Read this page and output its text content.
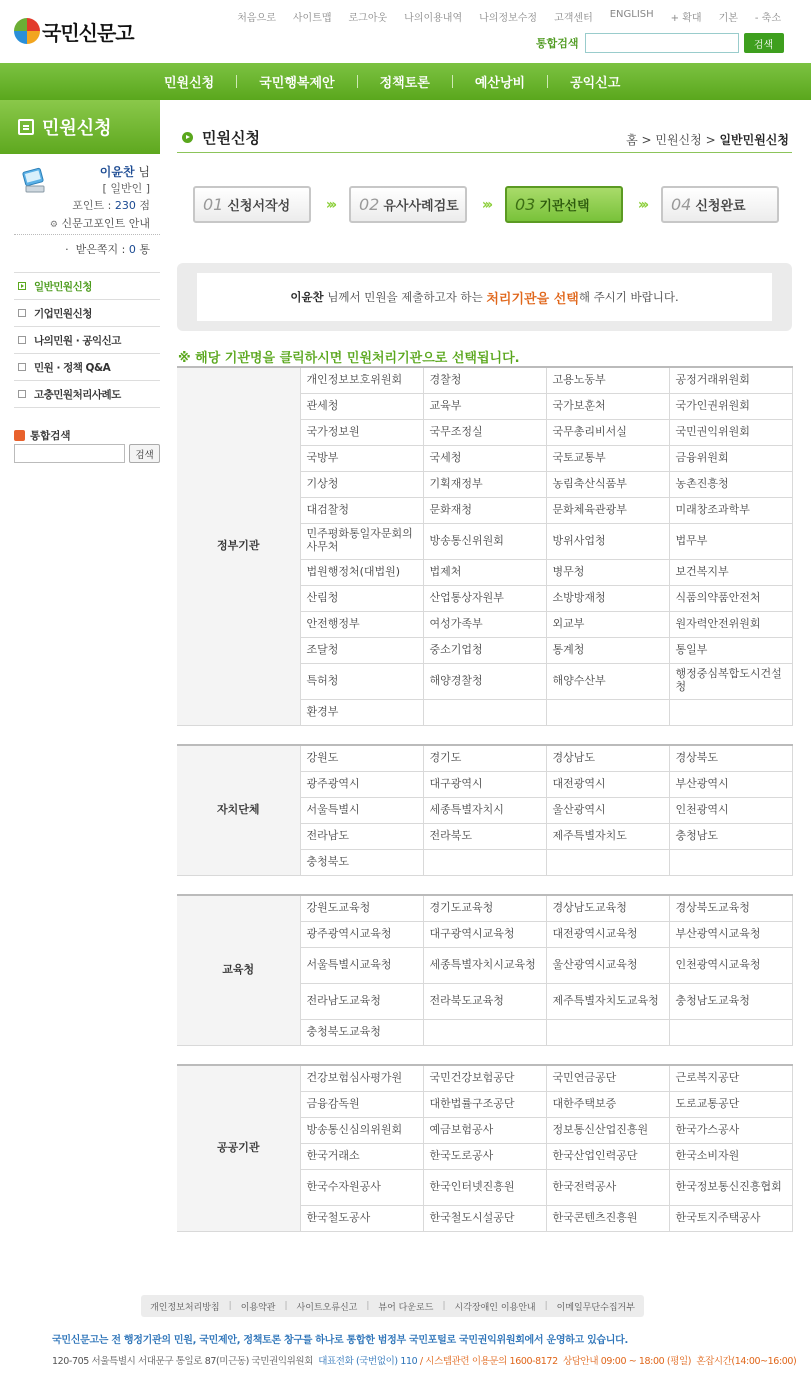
국민신문고
처음으로 사이트맵 로그아웃 나의이용내역 나의정보수정 고객센터 ENGLISH + 확대 기본 - 축소
통합검색	검색
민원신청	국민행복제안	정책토론	예산낭비	공익신고
민원신청
이윤찬 님
[ 일반인 ]
포인트 : 230 점
⚙ 신문고포인트 안내
·  받은쪽지 : 0 통
일반민원신청
기업민원신청
나의민원 · 공익신고
민원 · 정책 Q&A
고충민원처리사례도
통합검색
검색
민원신청	홈 > 민원신청 > 일반민원신청
01 신청서작성	›››	02 유사사례검토	›››	03 기관선택	›››	04 신청완료
이윤찬
님께서 민원을 제출하고자 하는
처리기관을 선택 해 주시기 바랍니다.
※ 해당 기관명을 클릭하시면 민원처리기관으로 선택됩니다.
정부기관	개인정보보호위원회	경찰청	고용노동부	공정거래위원회
	관세청	교육부	국가보훈처	국가인권위원회
	국가정보원	국무조정실	국무총리비서실	국민권익위원회
	국방부	국세청	국토교통부	금융위원회
	기상청	기획재정부	농림축산식품부	농촌진흥청
	대검찰청	문화재청	문화체육관광부	미래창조과학부
	민주평화통일자문회의사무처	방송통신위원회	방위사업청	법무부
	법원행정처(대법원)	법제처	병무청	보건복지부
	산림청	산업통상자원부	소방방재청	식품의약품안전처
	안전행정부	여성가족부	외교부	원자력안전위원회
	조달청	중소기업청	통계청	통일부
	특허청	해양경찰청	해양수산부	행정중심복합도시건설청
	환경부			
자치단체	강원도	경기도	경상남도	경상북도
	광주광역시	대구광역시	대전광역시	부산광역시
	서울특별시	세종특별자치시	울산광역시	인천광역시
	전라남도	전라북도	제주특별자치도	충청남도
	충청북도			
교육청	강원도교육청	경기도교육청	경상남도교육청	경상북도교육청
	광주광역시교육청	대구광역시교육청	대전광역시교육청	부산광역시교육청
	서울특별시교육청	세종특별자치시교육청	울산광역시교육청	인천광역시교육청
	전라남도교육청	전라북도교육청	제주특별자치도교육청	충청남도교육청
	충청북도교육청			
공공기관	건강보험심사평가원	국민건강보험공단	국민연금공단	근로복지공단
	금융감독원	대한법률구조공단	대한주택보증	도로교통공단
	방송통신심의위원회	예금보험공사	정보통신산업진흥원	한국가스공사
	한국거래소	한국도로공사	한국산업인력공단	한국소비자원
	한국수자원공사	한국인터넷진흥원	한국전력공사	한국정보통신진흥협회
	한국철도공사	한국철도시설공단	한국콘텐츠진흥원	한국토지주택공사
개인정보처리방침 | 이용약관 | 사이트오류신고 | 뷰어 다운로드 | 시각장애인 이용안내 | 이메일무단수집거부
국민신문고는 전 행정기관의 민원, 국민제안, 정책토론 창구를 하나로 통합한 범정부 국민포털로 국민권익위원회에서 운영하고 있습니다.
120-705 서울특별시 서대문구 통일로 87(미근동) 국민권익위원회 대표전화 (국번없이) 110 / 시스템관련 이용문의 1600-8172 상담안내 09:00 ~ 18:00 (평일) 혼잡시간(14:00~16:00)
